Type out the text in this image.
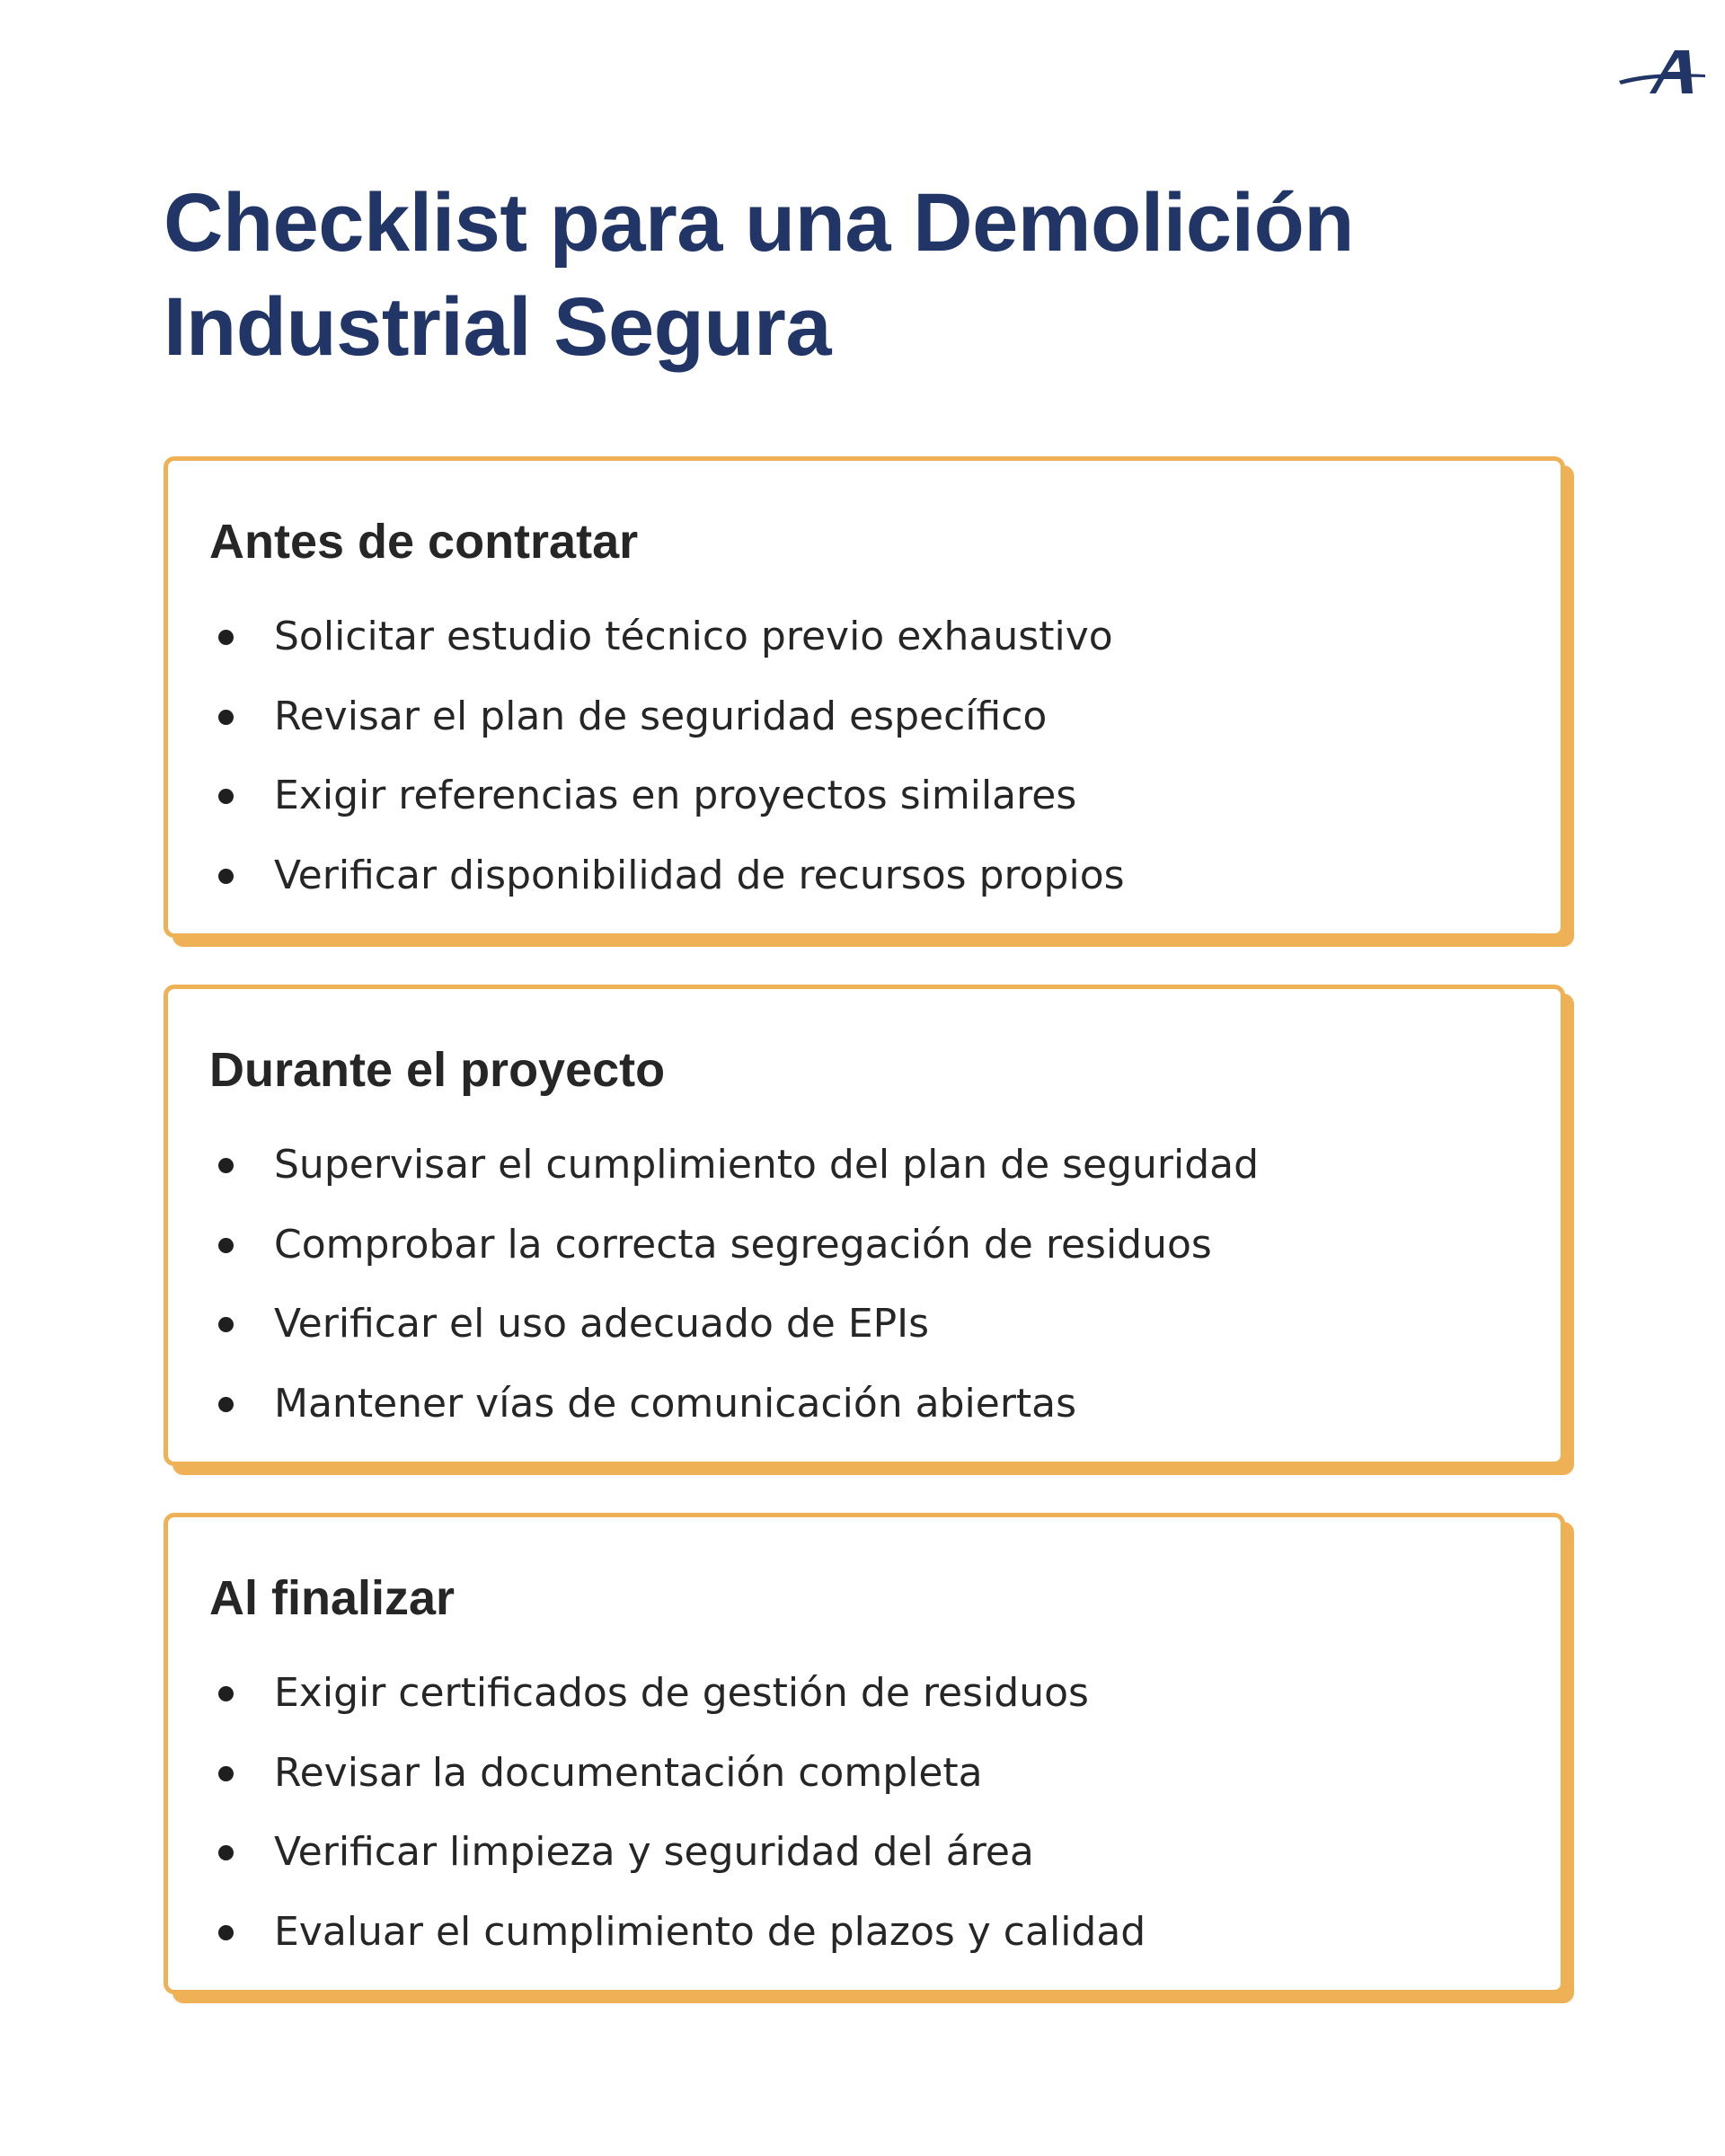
Checklist para una Demolición Industrial Segura
Antes de contratar
Solicitar estudio técnico previo exhaustivo
Revisar el plan de seguridad específico
Exigir referencias en proyectos similares
Verificar disponibilidad de recursos propios
Durante el proyecto
Supervisar el cumplimiento del plan de seguridad
Comprobar la correcta segregación de residuos
Verificar el uso adecuado de EPIs
Mantener vías de comunicación abiertas
Al finalizar
Exigir certificados de gestión de residuos
Revisar la documentación completa
Verificar limpieza y seguridad del área
Evaluar el cumplimiento de plazos y calidad
